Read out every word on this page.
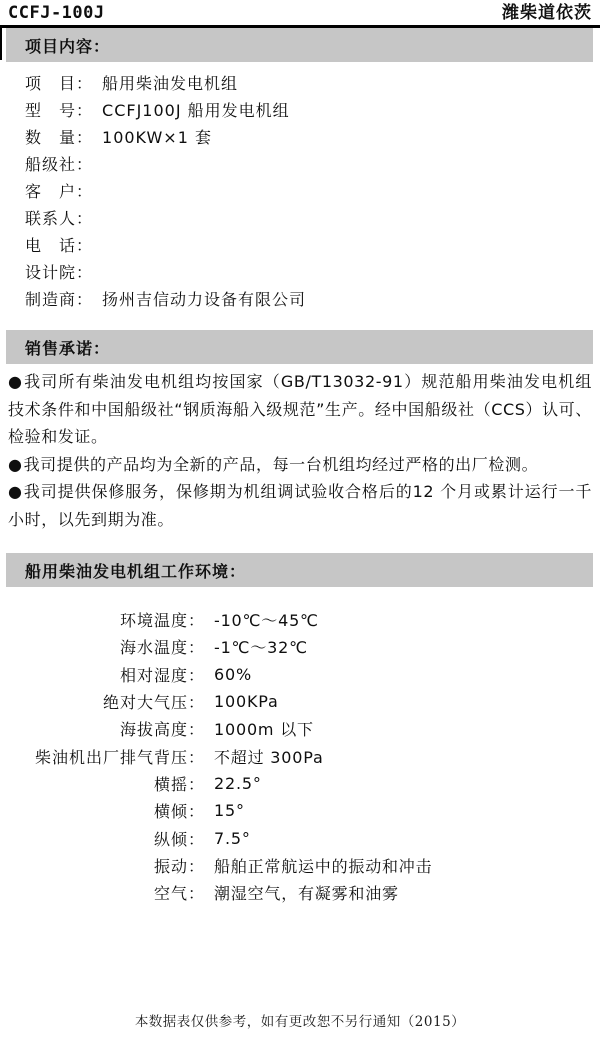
CCFJ-100J	潍柴道依茨
项目内容：
项　目： 船用柴油发电机组
型　号： CCFJ100J 船用发电机组
数　量： 100KW×1 套
船级社：
客　户：
联系人：
电　话：
设计院：
制造商： 扬州吉信动力设备有限公司
销售承诺：
●我司所有柴油发电机组均按国家（GB/T13032-91）规范船用柴油发电机组技术条件和中国船级社“钢质海船入级规范”生产。经中国船级社（CCS）认可、检验和发证。
●我司提供的产品均为全新的产品，每一台机组均经过严格的出厂检测。
●我司提供保修服务，保修期为机组调试验收合格后的12 个月或累计运行一千小时，以先到期为准。
船用柴油发电机组工作环境：
环境温度： -10℃～45℃
海水温度： -1℃～32℃
相对湿度： 60%
绝对大气压： 100KPa
海拔高度： 1000m 以下
柴油机出厂排气背压： 不超过 300Pa
横摇： 22.5°
横倾： 15°
纵倾： 7.5°
振动： 船舶正常航运中的振动和冲击
空气： 潮湿空气，有凝雾和油雾
本数据表仅供参考，如有更改恕不另行通知（2015）
